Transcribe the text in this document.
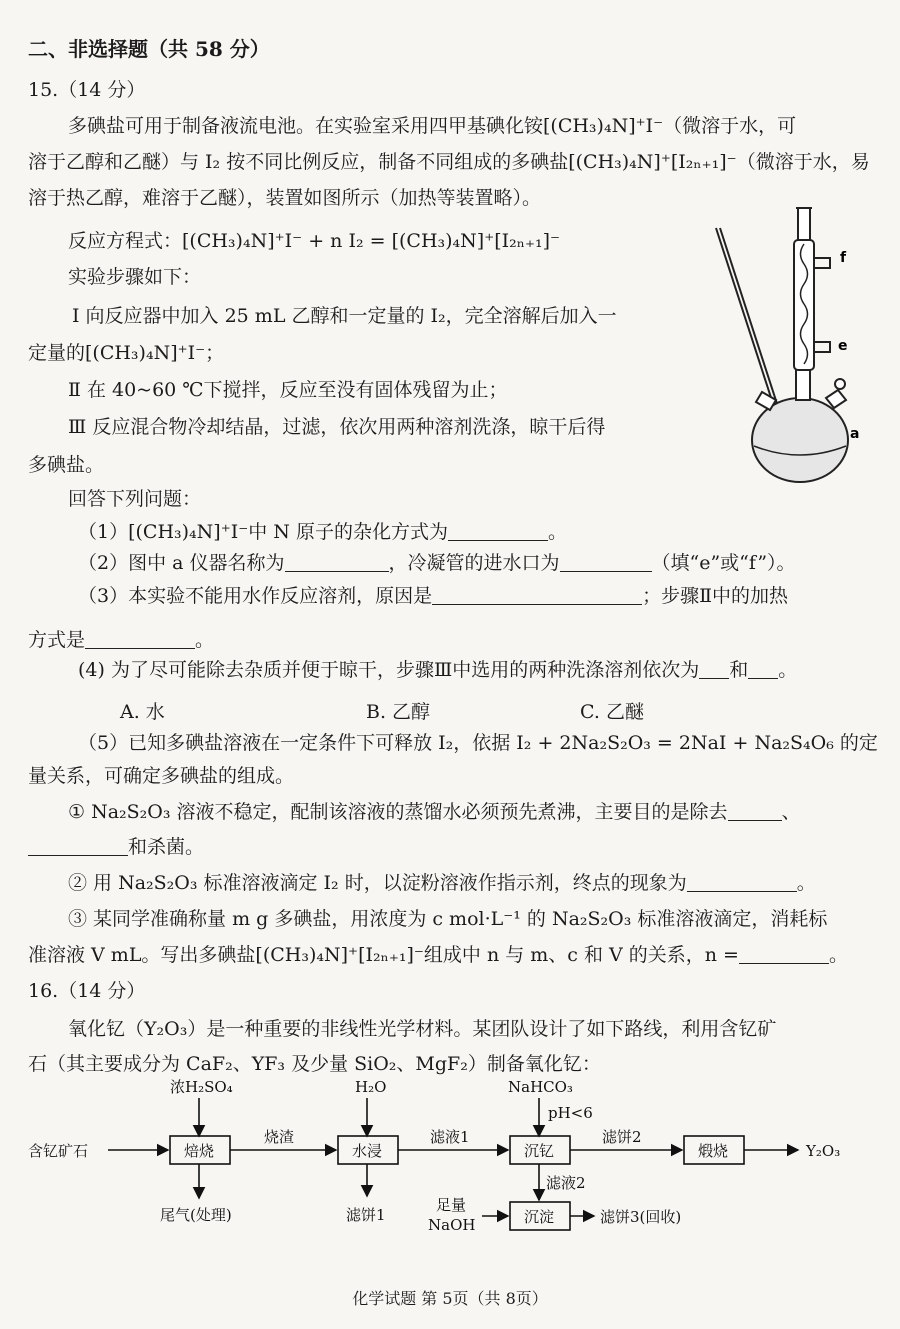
二、非选择题（共 58 分）
15.（14 分）
多碘盐可用于制备液流电池。在实验室采用四甲基碘化铵[(CH₃)₄N]⁺I⁻（微溶于水，可
溶于乙醇和乙醚）与 I₂ 按不同比例反应，制备不同组成的多碘盐[(CH₃)₄N]⁺[I₂ₙ₊₁]⁻（微溶于水，易
溶于热乙醇，难溶于乙醚），装置如图所示（加热等装置略）。
反应方程式：[(CH₃)₄N]⁺I⁻ + n I₂ = [(CH₃)₄N]⁺[I₂ₙ₊₁]⁻
实验步骤如下：
Ⅰ 向反应器中加入 25 mL 乙醇和一定量的 I₂，完全溶解后加入一
定量的[(CH₃)₄N]⁺I⁻；
Ⅱ 在 40~60 ℃下搅拌，反应至没有固体残留为止；
Ⅲ 反应混合物冷却结晶，过滤，依次用两种溶剂洗涤，晾干后得
多碘盐。
回答下列问题：
f
e
a
（1）[(CH₃)₄N]⁺I⁻中 N 原子的杂化方式为	。
（2）图中 a 仪器名称为	，冷凝管的进水口为	（填“e”或“f”）。
（3）本实验不能用水作反应溶剂，原因是	；步骤Ⅱ中的加热
方式是	。
(4) 为了尽可能除去杂质并便于晾干，步骤Ⅲ中选用的两种洗涤溶剂依次为 和 。
A. 水	B. 乙醇	C. 乙醚
（5）已知多碘盐溶液在一定条件下可释放 I₂，依据 I₂ + 2Na₂S₂O₃ = 2NaI + Na₂S₄O₆ 的定
量关系，可确定多碘盐的组成。
① Na₂S₂O₃ 溶液不稳定，配制该溶液的蒸馏水必须预先煮沸，主要目的是除去	、
和杀菌。
② 用 Na₂S₂O₃ 标准溶液滴定 I₂ 时，以淀粉溶液作指示剂，终点的现象为	。
③ 某同学准确称量 m g 多碘盐，用浓度为 c mol·L⁻¹ 的 Na₂S₂O₃ 标准溶液滴定，消耗标
准溶液 V mL。写出多碘盐[(CH₃)₄N]⁺[I₂ₙ₊₁]⁻组成中 n 与 m、c 和 V 的关系，n =	。
16.（14 分）
氧化钇（Y₂O₃）是一种重要的非线性光学材料。某团队设计了如下路线，利用含钇矿
石（其主要成分为 CaF₂、YF₃ 及少量 SiO₂、MgF₂）制备氧化钇：
含钇矿石	焙烧
浓H₂SO₄
尾气(处理)
烧渣
水浸
H₂O
滤饼1
滤液1
沉钇
NaHCO₃
pH<6
滤饼2
煅烧	Y₂O₃
滤液2
足量
NaOH	沉淀	滤饼3(回收)
化学试题 第 5页（共 8页）
